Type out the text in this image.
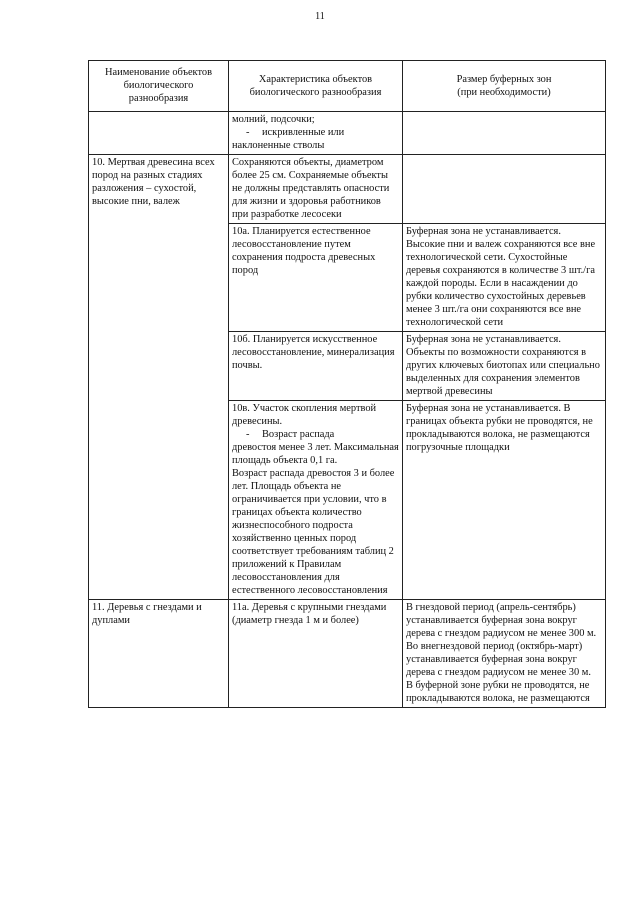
11
Наименование объектов
биологического
разнообразия	Характеристика объектов
биологического разнообразия	Размер буферных зон
(при необходимости)

	молний, подсочки;
- искривленные или
наклоненные стволы	

10. Мертвая древесина всех пород на разных стадиях разложения – сухостой, высокие пни, валеж	Сохраняются объекты, диаметром более 25 см. Сохраняемые объекты не должны представлять опасности для жизни и здоровья работников при разработке лесосеки	
	10а. Планируется естественное лесовосстановление путем сохранения подроста древесных пород	Буферная зона не устанавливается. Высокие пни и валеж сохраняются все вне технологической сети. Сухостойные деревья сохраняются в количестве 3 шт./га каждой породы. Если в насаждении до рубки количество сухостойных деревьев менее 3 шт./га они сохраняются все вне технологической сети
	10б. Планируется искусственное лесовосстановление, минерализация почвы.	Буферная зона не устанавливается. Объекты по возможности сохраняются в других ключевых биотопах или специально выделенных для сохранения элементов мертвой древесины

	10в. Участок скопления мертвой древесины.
- Возраст распада
древостоя менее 3 лет. Максимальная площадь объекта 0,1 га.
Возраст распада древостоя 3 и более лет. Площадь объекта не ограничивается при условии, что в границах объекта количество жизнеспособного подроста хозяйственно ценных пород соответствует требованиям таблиц 2 приложений к Правилам лесовосстановления для естественного лесовосстановления	Буферная зона не устанавливается. В границах объекта рубки не проводятся, не прокладываются волока, не размещаются погрузочные площадки
11. Деревья с гнездами и дуплами	11а. Деревья с крупными гнездами (диаметр гнезда 1 м и более)	В гнездовой период (апрель-сентябрь) устанавливается буферная зона вокруг дерева с гнездом радиусом не менее 300 м.
Во внегнездовой период (октябрь-март) устанавливается буферная зона вокруг дерева с гнездом радиусом не менее 30 м.
В буферной зоне рубки не проводятся, не прокладываются волока, не размещаются
